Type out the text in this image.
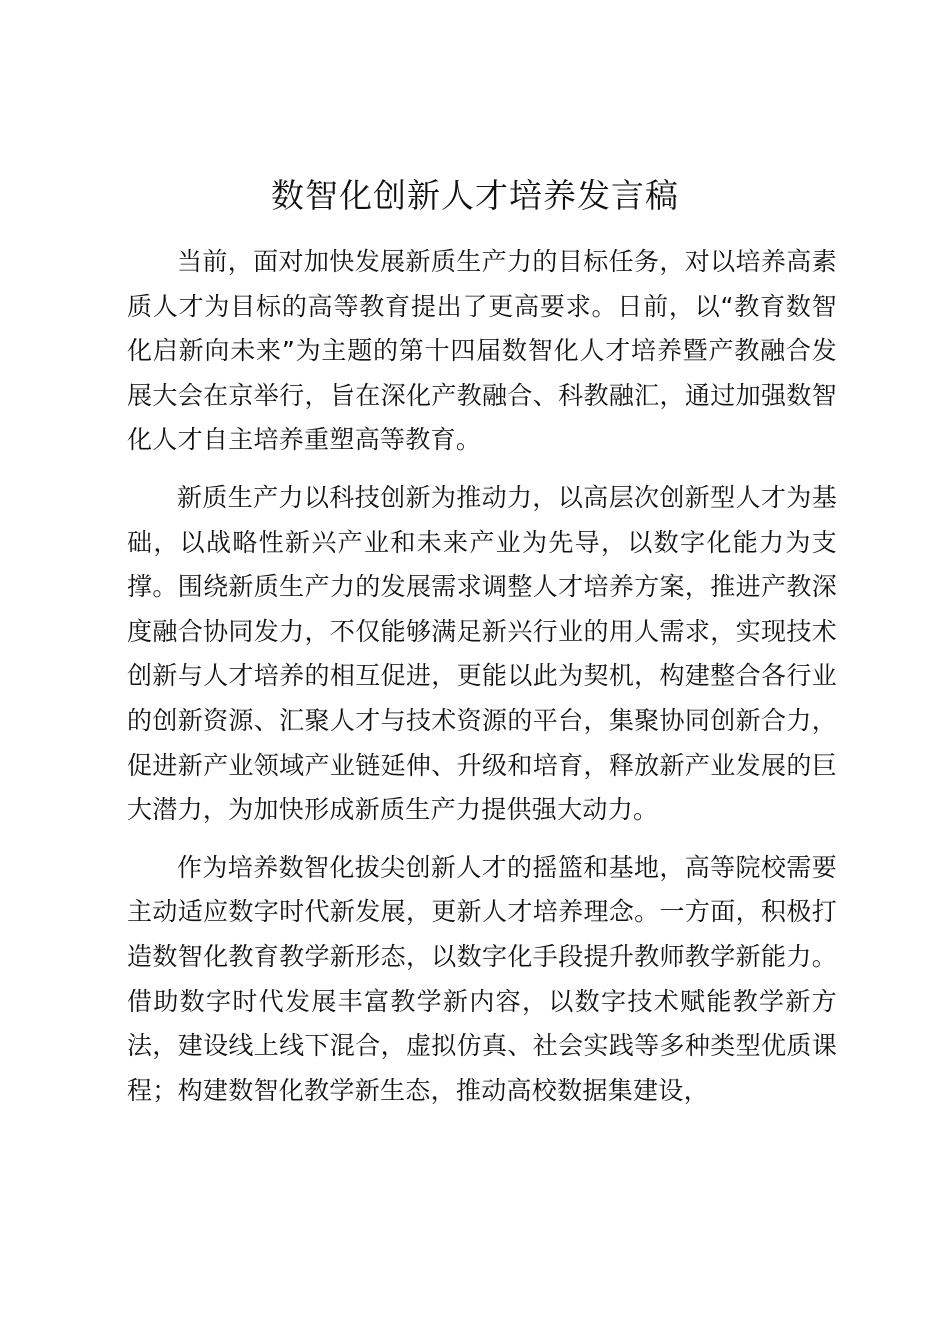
数智化创新人才培养发言稿

当前，面对加快发展新质生产力的目标任务，对以培养高素质人才为目标的高等教育提出了更高要求。日前，以“教育数智化启新向未来”为主题的第十四届数智化人才培养暨产教融合发展大会在京举行，旨在深化产教融合、科教融汇，通过加强数智化人才自主培养重塑高等教育。

新质生产力以科技创新为推动力，以高层次创新型人才为基础，以战略性新兴产业和未来产业为先导，以数字化能力为支撑。围绕新质生产力的发展需求调整人才培养方案，推进产教深度融合协同发力，不仅能够满足新兴行业的用人需求，实现技术创新与人才培养的相互促进，更能以此为契机，构建整合各行业的创新资源、汇聚人才与技术资源的平台，集聚协同创新合力，促进新产业领域产业链延伸、升级和培育，释放新产业发展的巨大潜力，为加快形成新质生产力提供强大动力。

作为培养数智化拔尖创新人才的摇篮和基地，高等院校需要主动适应数字时代新发展，更新人才培养理念。一方面，积极打造数智化教育教学新形态，以数字化手段提升教师教学新能力。借助数字时代发展丰富教学新内容，以数字技术赋能教学新方法，建设线上线下混合，虚拟仿真、社会实践等多种类型优质课程；构建数智化教学新生态，推动高校数据集建设，
